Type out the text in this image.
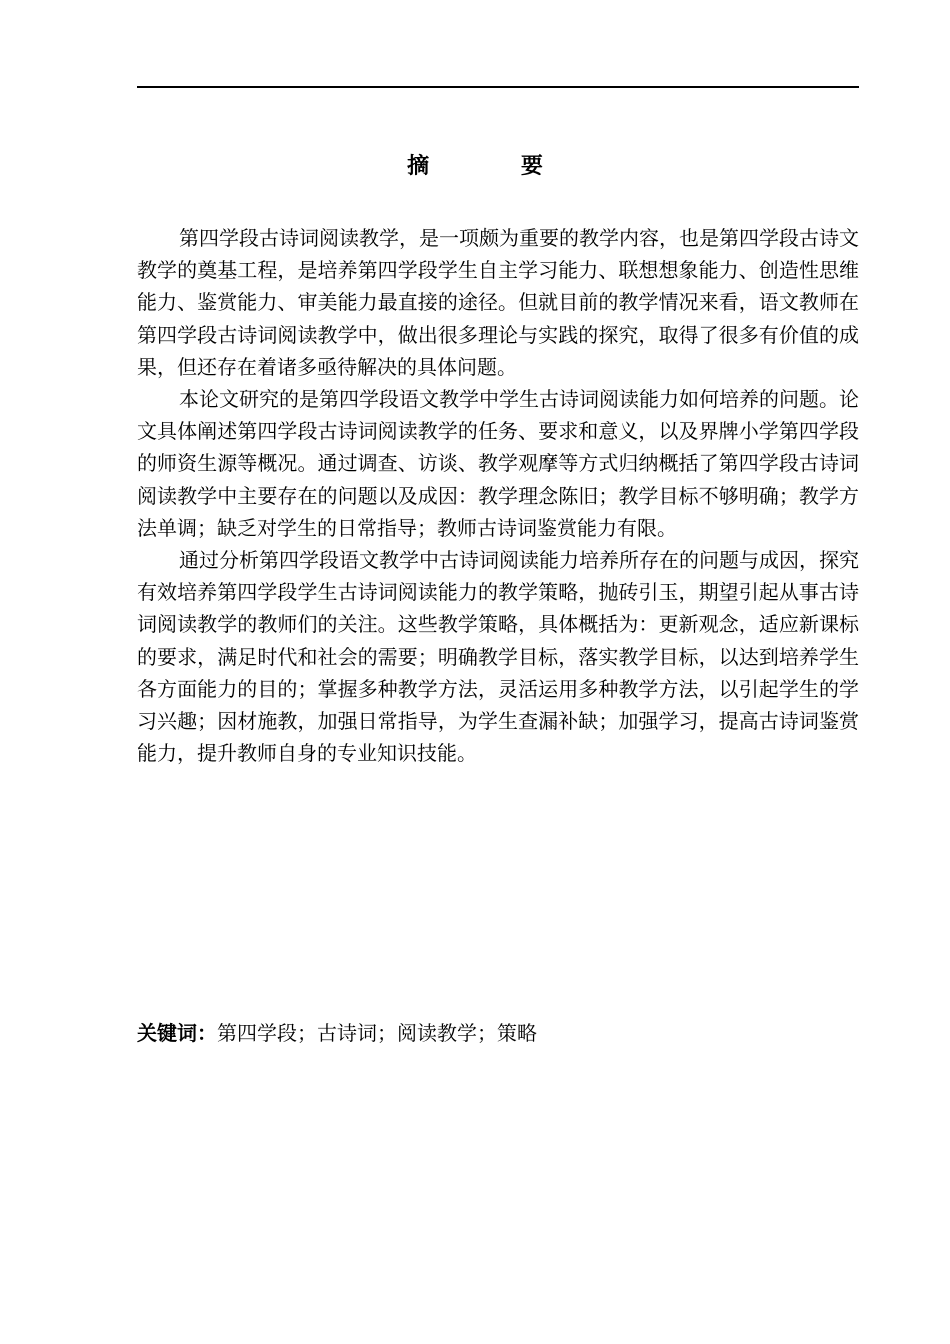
摘 要

第四学段古诗词阅读教学，是一项颇为重要的教学内容，也是第四学段古诗文教学的奠基工程，是培养第四学段学生自主学习能力、联想想象能力、创造性思维能力、鉴赏能力、审美能力最直接的途径。但就目前的教学情况来看，语文教师在第四学段古诗词阅读教学中，做出很多理论与实践的探究，取得了很多有价值的成果，但还存在着诸多亟待解决的具体问题。

本论文研究的是第四学段语文教学中学生古诗词阅读能力如何培养的问题。论文具体阐述第四学段古诗词阅读教学的任务、要求和意义，以及界牌小学第四学段的师资生源等概况。通过调查、访谈、教学观摩等方式归纳概括了第四学段古诗词阅读教学中主要存在的问题以及成因：教学理念陈旧；教学目标不够明确；教学方法单调；缺乏对学生的日常指导；教师古诗词鉴赏能力有限。

通过分析第四学段语文教学中古诗词阅读能力培养所存在的问题与成因，探究有效培养第四学段学生古诗词阅读能力的教学策略，抛砖引玉，期望引起从事古诗词阅读教学的教师们的关注。这些教学策略，具体概括为：更新观念，适应新课标的要求，满足时代和社会的需要；明确教学目标，落实教学目标，以达到培养学生各方面能力的目的；掌握多种教学方法，灵活运用多种教学方法，以引起学生的学习兴趣；因材施教，加强日常指导，为学生查漏补缺；加强学习，提高古诗词鉴赏能力，提升教师自身的专业知识技能。

关键词：第四学段；古诗词；阅读教学；策略
